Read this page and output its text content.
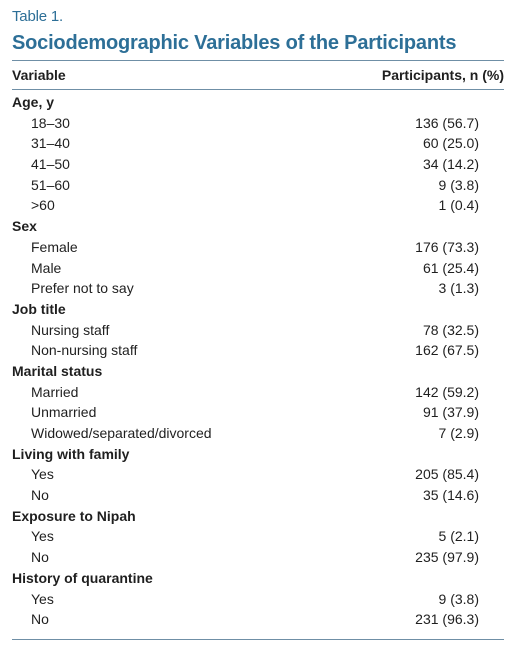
Table 1.
Sociodemographic Variables of the Participants
Variable	Participants, n (%)
Age, y
18–30	136 (56.7)
31–40	60 (25.0)
41–50	34 (14.2)
51–60	9 (3.8)
>60	1 (0.4)
Sex
Female	176 (73.3)
Male	61 (25.4)
Prefer not to say	3 (1.3)
Job title
Nursing staff	78 (32.5)
Non-nursing staff	162 (67.5)
Marital status
Married	142 (59.2)
Unmarried	91 (37.9)
Widowed/separated/divorced	7 (2.9)
Living with family
Yes	205 (85.4)
No	35 (14.6)
Exposure to Nipah
Yes	5 (2.1)
No	235 (97.9)
History of quarantine
Yes	9 (3.8)
No	231 (96.3)
